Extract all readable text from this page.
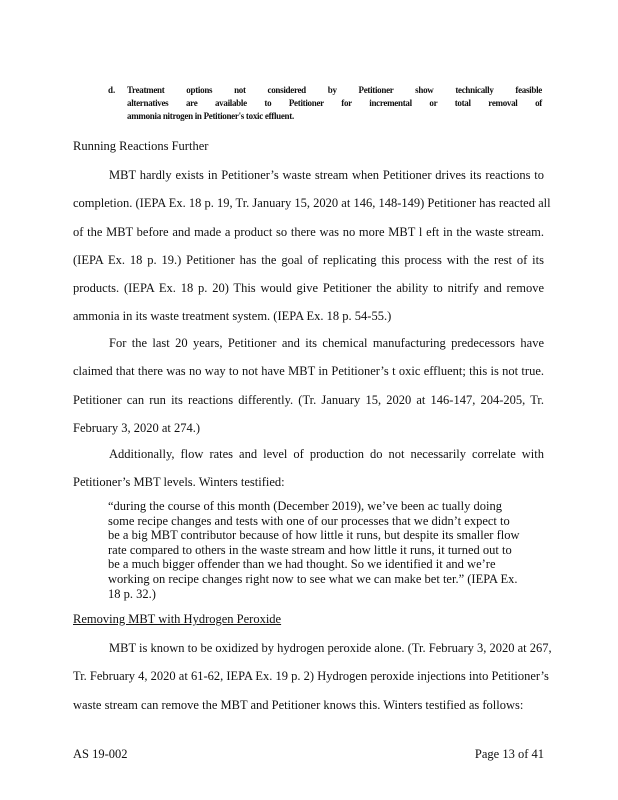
d. Treatment options not considered by Petitioner show technically feasible
alternatives are available to Petitioner for incremental or total removal of
ammonia nitrogen in Petitioner's toxic effluent.
Running Reactions Further
MBT hardly exists in Petitioner’s waste stream when Petitioner drives its reactions to
completion. (IEPA Ex. 18 p. 19, Tr. January 15, 2020 at 146, 148-149) Petitioner has reacted all
of the MBT before and made a product so there was no more MBT l eft in the waste stream.
(IEPA Ex. 18 p. 19.) Petitioner has the goal of replicating this process with the rest of its
products. (IEPA Ex. 18 p. 20) This would give Petitioner the ability to nitrify and remove
ammonia in its waste treatment system. (IEPA Ex. 18 p. 54-55.)
For the last 20 years, Petitioner and its chemical manufacturing predecessors have
claimed that there was no way to not have MBT in Petitioner’s t oxic effluent; this is not true.
Petitioner can run its reactions differently. (Tr. January 15, 2020 at 146-147, 204-205, Tr.
February 3, 2020 at 274.)
Additionally, flow rates and level of production do not necessarily correlate with
Petitioner’s MBT levels. Winters testified:
“during the course of this month (December 2019), we’ve been ac tually doing
some recipe changes and tests with one of our processes that we didn’t expect to
be a big MBT contributor because of how little it runs, but despite its smaller flow
rate compared to others in the waste stream and how little it runs, it turned out to
be a much bigger offender than we had thought. So we identified it and we’re
working on recipe changes right now to see what we can make bet ter.” (IEPA Ex.
18 p. 32.)
Removing MBT with Hydrogen Peroxide
MBT is known to be oxidized by hydrogen peroxide alone. (Tr. February 3, 2020 at 267,
Tr. February 4, 2020 at 61-62, IEPA Ex. 19 p. 2) Hydrogen peroxide injections into Petitioner’s
waste stream can remove the MBT and Petitioner knows this. Winters testified as follows:
AS 19-002	Page 13 of 41
